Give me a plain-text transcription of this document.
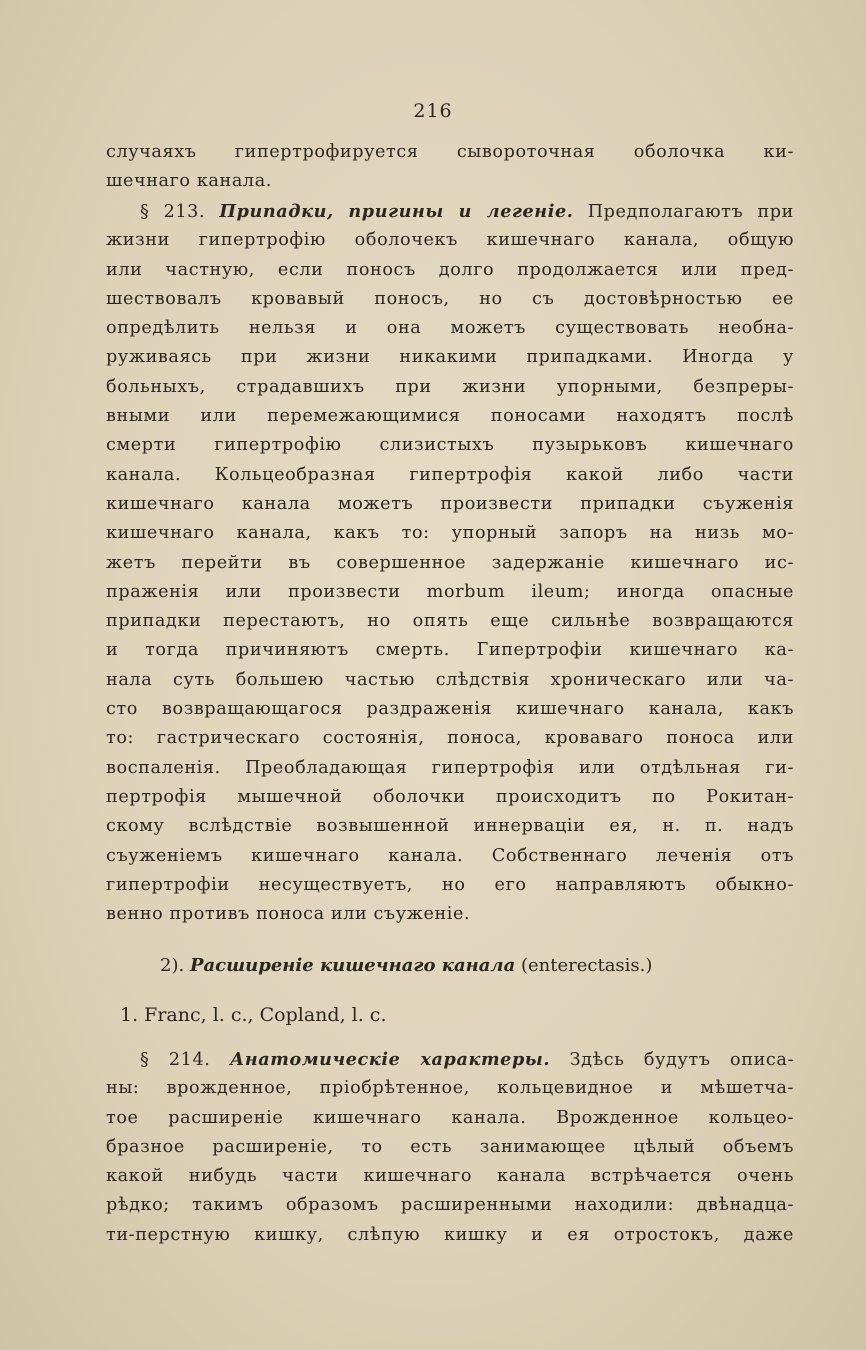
216
случаяхъ гипертрофируется сывороточная оболочка ки-
шечнаго канала.
§ 213. Припадки, пригины и легеніе. Предполагаютъ при
жизни гипертрофію оболочекъ кишечнаго канала, общую
или частную, если поносъ долго продолжается или пред-
шествовалъ кровавый поносъ, но съ достовѣрностью ее
опредѣлить нельзя и она можетъ существовать необна-
руживаясь при жизни никакими припадками. Иногда у
больныхъ, страдавшихъ при жизни упорными, безпреры-
вными или перемежающимися поносами находятъ послѣ
смерти гипертрофію слизистыхъ пузырьковъ кишечнаго
канала. Кольцеобразная гипертрофія какой либо части
кишечнаго канала можетъ произвести припадки съуженія
кишечнаго канала, какъ то: упорный запоръ на низь мо-
жетъ перейти въ совершенное задержаніе кишечнаго ис-
праженія или произвести morbum ileum; иногда опасные
припадки перестаютъ, но опять еще сильнѣе возвращаются
и тогда причиняютъ смерть. Гипертрофіи кишечнаго ка-
нала суть большею частью слѣдствія хроническаго или ча-
сто возвращающагося раздраженія кишечнаго канала, какъ
то: гастрическаго состоянія, поноса, кроваваго поноса или
воспаленія. Преобладающая гипертрофія или отдѣльная ги-
пертрофія мышечной оболочки происходитъ по Рокитан-
скому вслѣдствіе возвышенной иннерваціи ея, н. п. надъ
съуженіемъ кишечнаго канала. Собственнаго леченія отъ
гипертрофіи несуществуетъ, но его направляютъ обыкно-
венно противъ поноса или съуженіе.
2). Расширеніе кишечнаго канала (enterectasis.)
1. Franc, l. c., Copland, l. c.
§ 214. Анатомическіе характеры. Здѣсь будутъ описа-
ны: врожденное, пріобрѣтенное, кольцевидное и мѣшетча-
тое расширеніе кишечнаго канала. Врожденное кольцео-
бразное расширеніе, то есть занимающее цѣлый объемъ
какой нибудь части кишечнаго канала встрѣчается очень
рѣдко; такимъ образомъ расширенными находили: двѣнадца-
ти-перстную кишку, слѣпую кишку и ея отростокъ, даже
